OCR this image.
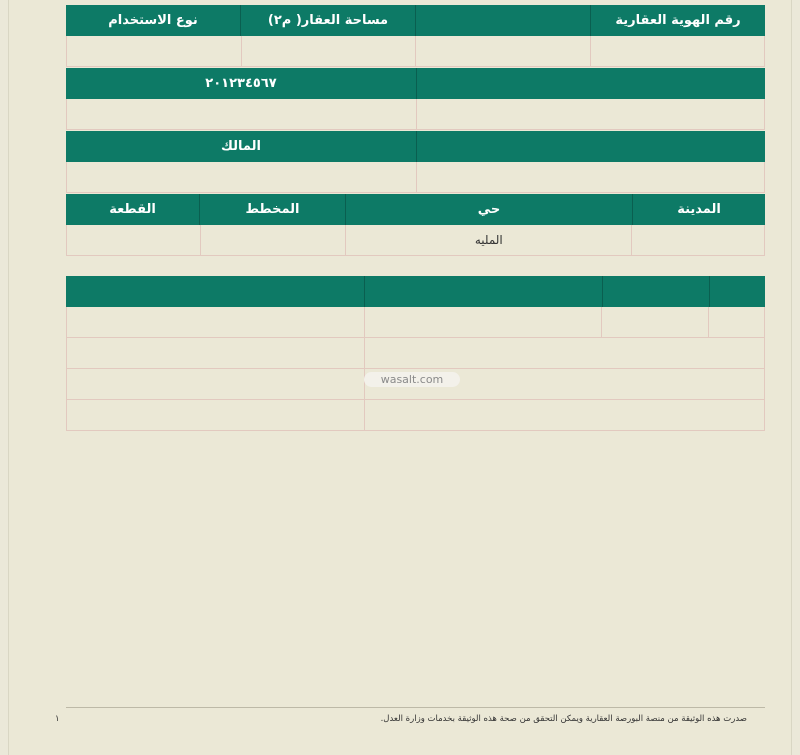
رقم الهوية العقارية
مساحة العقار( م٢)
نوع الاستخدام
٢٠١٢٣٤٥٦٧
المالك
المدينة
حي
المخطط
القطعة
المليه
wasalt.com
صدرت هذه الوثيقة من منصة البورصة العقارية ويمكن التحقق من صحة هذه الوثيقة بخدمات وزارة العدل.
١
